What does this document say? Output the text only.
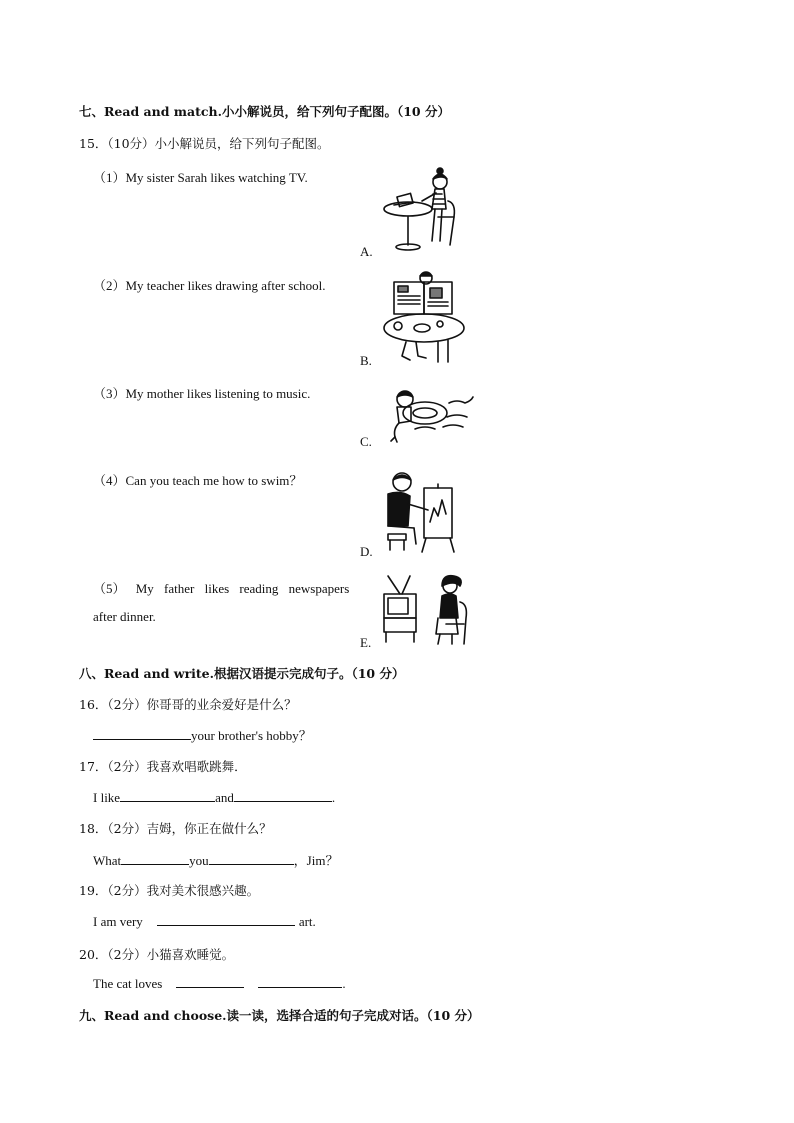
七、Read and match.小小解说员，给下列句子配图。（10 分）
15．（10分）小小解说员，给下列句子配图。
（1）My sister Sarah likes watching TV.
（2）My teacher likes drawing after school.
（3）My mother likes listening to music.
（4）Can you teach me how to swim？
（5） My father likes reading newspapers
after dinner.
A.
B.
C.
D.
E.
八、Read and write.根据汉语提示完成句子。（10 分）
16．（2分）你哥哥的业余爱好是什么？
your brother's hobby？
17．（2分）我喜欢唱歌跳舞．
I like	and	.
18．（2分）吉姆，你正在做什么？
What	you	，Jim？
19．（2分）我对美术很感兴趣。
I am very	art.
20．（2分）小猫喜欢睡觉。
The cat loves	.
九、Read and choose.读一读，选择合适的句子完成对话。（10 分）
